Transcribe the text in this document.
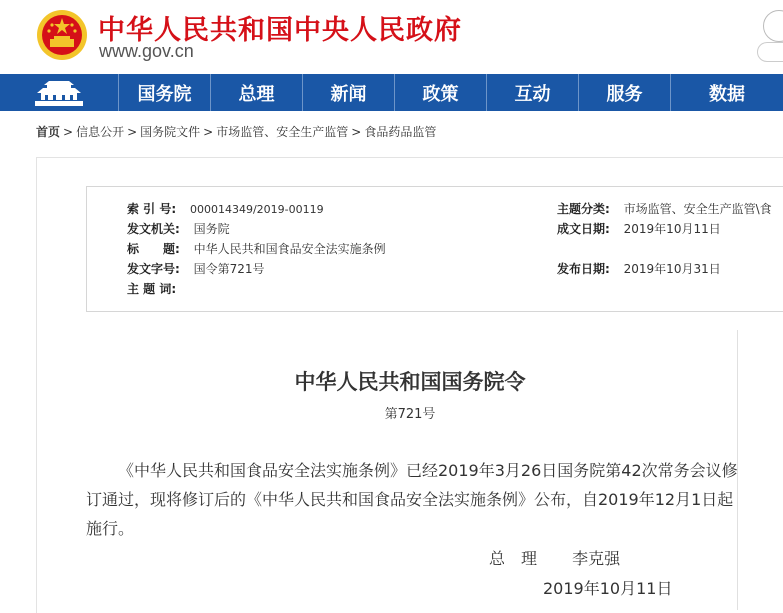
中华人民共和国中央人民政府
www.gov.cn
国务院	总理	新闻	政策	互动	服务	数据
首页 > 信息公开 > 国务院文件 > 市场监管、安全生产监管 > 食品药品监管
索 引 号: 000014349/2019-00119	主题分类: 市场监管、安全生产监管\食
发文机关: 国务院	成文日期: 2019年10月11日
标　　题: 中华人民共和国食品安全法实施条例
发文字号: 国令第721号	发布日期: 2019年10月31日
主 题 词:
中华人民共和国国务院令
第721号
《中华人民共和国食品安全法实施条例》已经2019年3月26日国务院第42次常务会议修订通过，现将修订后的《中华人民共和国食品安全法实施条例》公布，自2019年12月1日起施行。
总　理 李克强
2019年10月11日
